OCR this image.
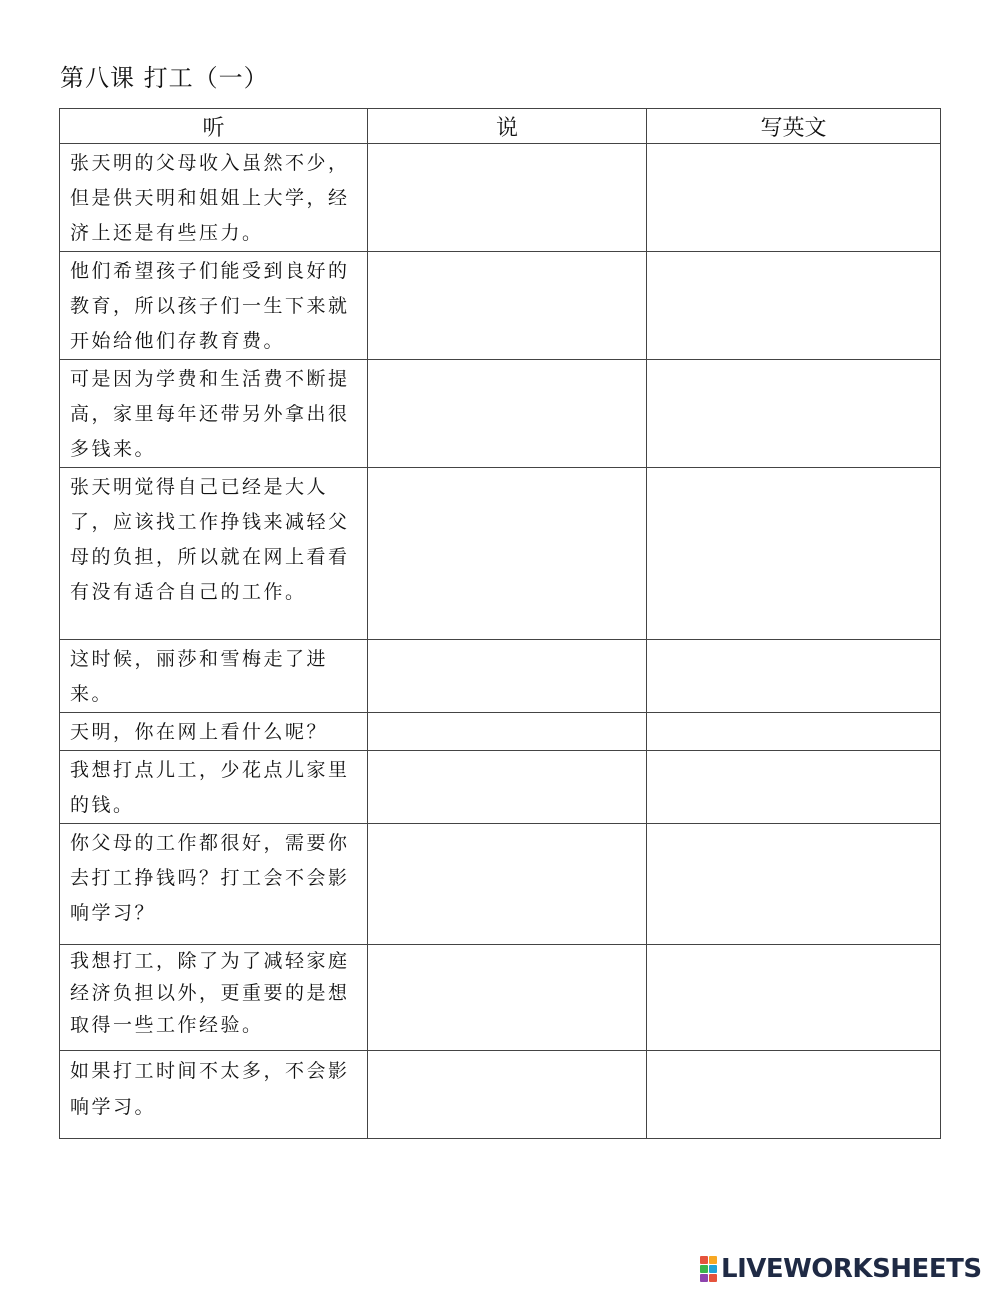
第八课 打工（一）
听	说	写英文

张天明的父母收入虽然不少，但是供天明和姐姐上大学，经济上还是有些压力。		

他们希望孩子们能受到良好的教育，所以孩子们一生下来就开始给他们存教育费。		

可是因为学费和生活费不断提高，家里每年还带另外拿出很多钱来。		

张天明觉得自己已经是大人了，应该找工作挣钱来减轻父母的负担，所以就在网上看看有没有适合自己的工作。		

这时候，丽莎和雪梅走了进来。		

天明，你在网上看什么呢？		

我想打点儿工，少花点儿家里的钱。		

你父母的工作都很好，需要你去打工挣钱吗？打工会不会影响学习？		

我想打工，除了为了减轻家庭经济负担以外，更重要的是想取得一些工作经验。		

如果打工时间不太多，不会影响学习。		

LIVEWORKSHEETS
